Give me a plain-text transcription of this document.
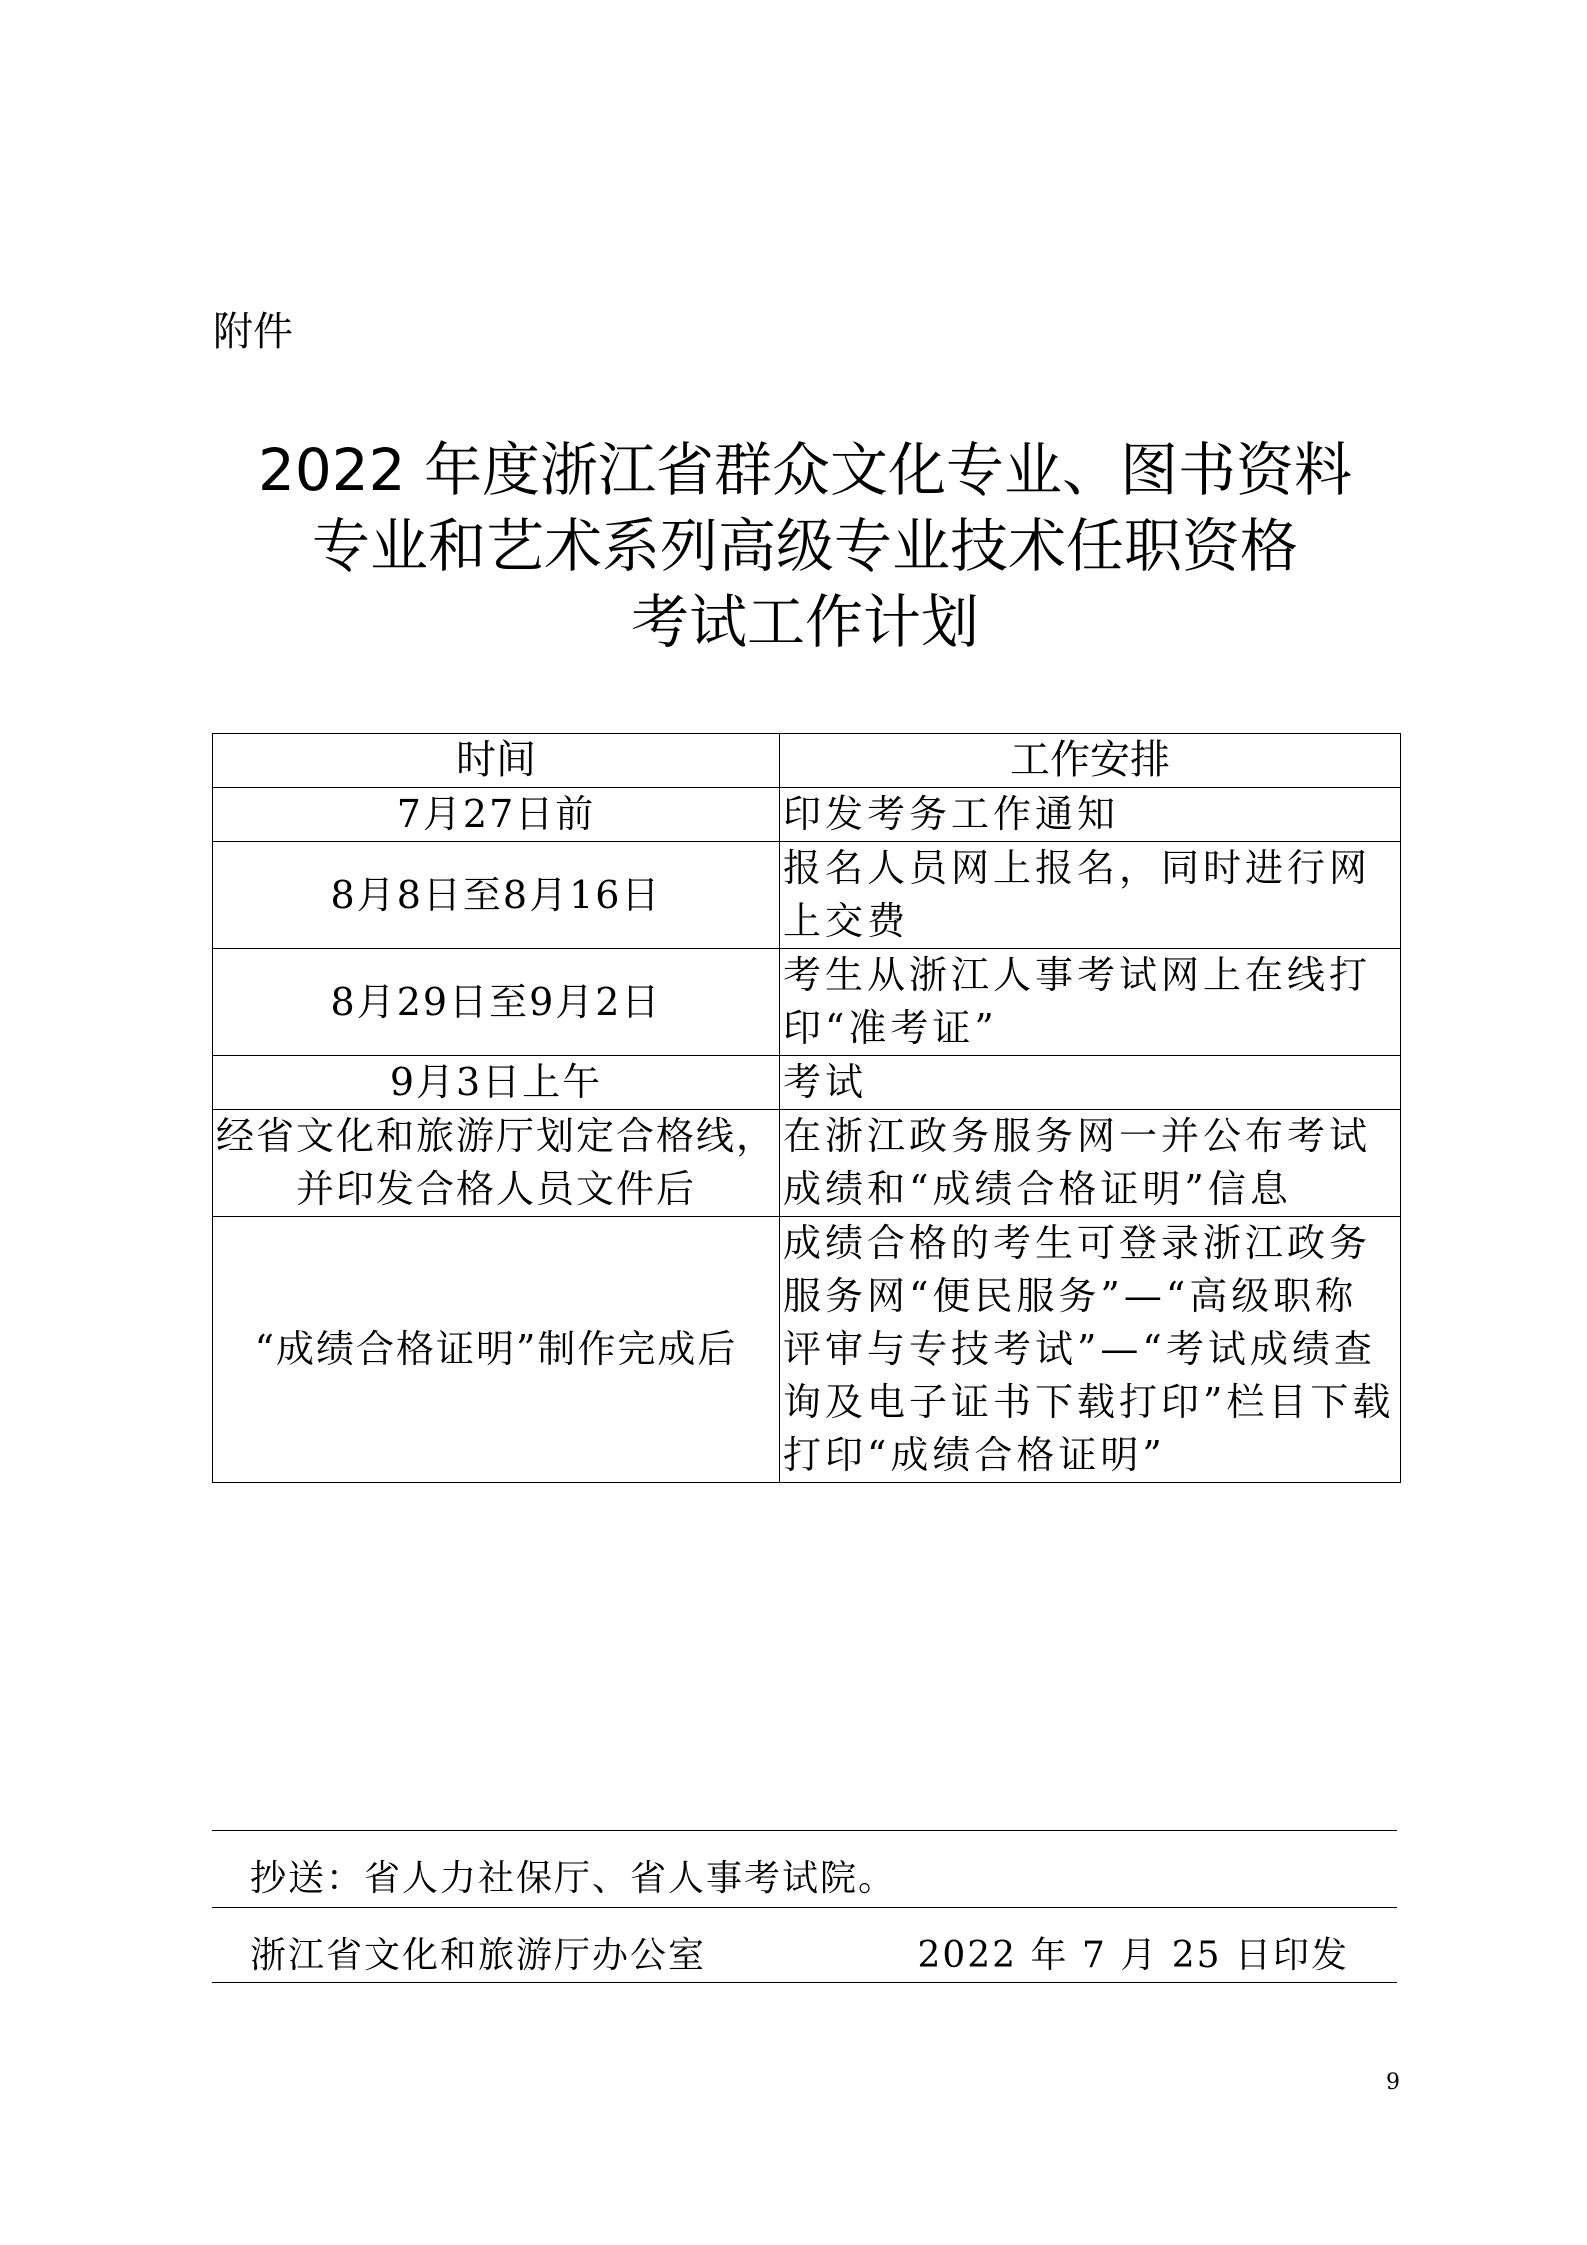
附件
2022 年度浙江省群众文化专业、图书资料
专业和艺术系列高级专业技术任职资格
考试工作计划
时间	工作安排
7月27日前	印发考务工作通知
8月8日至8月16日	报名人员网上报名，同时进行网上交费
8月29日至9月2日	考生从浙江人事考试网上在线打印“准考证”
9月3日上午	考试
经省文化和旅游厅划定合格线，并印发合格人员文件后	在浙江政务服务网一并公布考试成绩和“成绩合格证明”信息
“成绩合格证明”制作完成后	成绩合格的考生可登录浙江政务服务网“便民服务”—“高级职称评审与专技考试”—“考试成绩查询及电子证书下载打印”栏目下载打印“成绩合格证明”
抄送：省人力社保厅、省人事考试院。
浙江省文化和旅游厅办公室	2022 年 7 月 25 日印发
9
